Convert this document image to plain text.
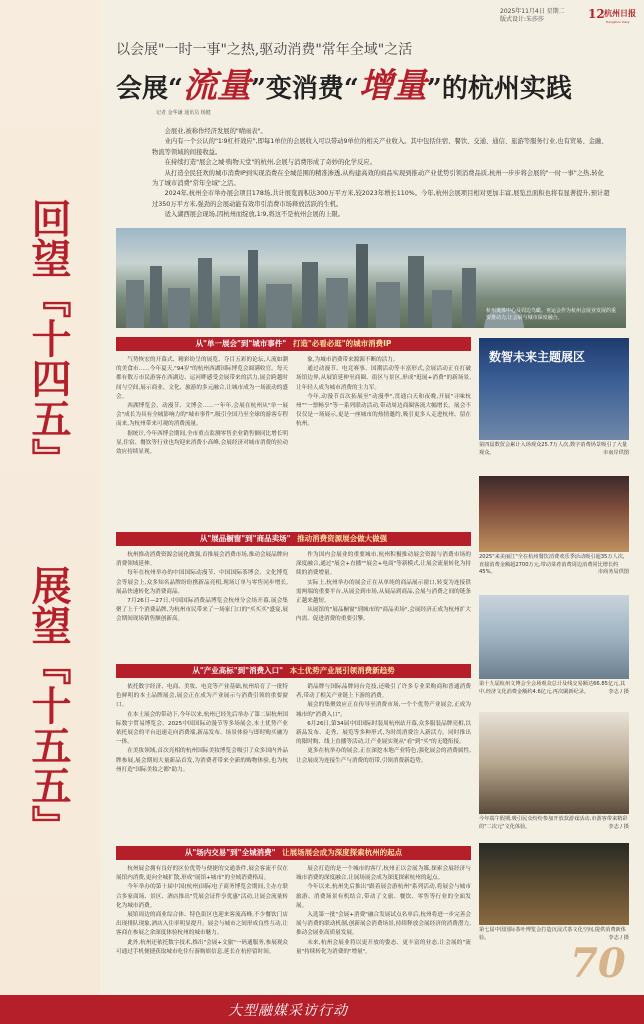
2025年11月4日 星期二
版式设计:朱莎莎	12 杭州日报
Hangzhou Daily
回望『十四五』 展望『十五五』
以会展"一时一事"之热,驱动消费"常年全域"之活
会展“流量”变消费“增量”的杭州实践
记者 金华谦 通讯员 杨健

会展业,被称作经济发展的"晴雨表"。

业内有一个公认的"1∶9杠杆效应",即每1单位的会展收入可以带动9单位的相关产业收入。其中包括住宿、餐饮、交通、通信、旅游等服务行业,也有贸易、金融、物流等领域的间接收益。

在持续打造"展会之城·购物天堂"的杭州,会展与消费形成了奇妙的化学反应。

从打造全民狂欢的城市消费IP到实现消费在全城范围的精准渗透,从构建高效的商品实现到推动产业优势引领消费品质,杭州一步步将会展的"一时一事"之热,转化为了城市消费"常年全域"之活。

2024年,杭州全市举办展会项目178场,共计展览面积达300万平方米,较2023年增长110%。今年,杭州会展项目相对更加丰富,展览总面积也将有显著提升,预计超过350万平方米,强劲的会展动能有效串引消费市场释放活跃的生机。

适入湖西展会现场,因杭州而绽放,1∶9,将这不是杭州会展的上限。

杭州奥体中心及周边鸟瞰。亚运会作为杭州会展业发展的重要推动力,让会展与城市深度融合。
从"单一展会"到"城市事件" 打造"必看必逛"的城市消费IP

气势恢宏的开幕式、精彩纷呈的展览、夺目五彩的论坛,人流如潮的美食市……今年夏天,"94岁"的杭州西湖国际博览会圆满收官。每天都有数万市民游客在西湖边、运河畔感受会展带来的活力,展会跨越时间与空间,展示商业、文化、旅游的多元融合,让城市成为一场流动的盛会。

西湖博览会、动漫节、文博会……一年年,会展在杭州从"单一展会"成长为具有全城影响力的"城市事件",吸引全国乃至全球的游客专程而来,为杭州带来可观的消费流量。

据统计,今年西博会期间,全市重点监测零售企业销售额同比增长明显,住宿、餐饮等行业也均迎来消费小高峰,会展经济对城市消费的拉动效应持续显现。

象,为城市消费带来源源不断的活力。

通过动漫节、电竞赛事、国潮活动等丰富形式,会展活动正在打破场馆边界,从展馆延伸至商圈、街区与景区,形成"逛展+消费"的新场景,让年轻人成为城市消费的主力军。

今年,动漫节首次拓展至"动漫季",贯通白天和夜晚,开展"寻味杭州""一票畅享"等一系列联动活动,带动周边商圈客流大幅增长。展会不仅仅是一场展示,更是一座城市的热情邀约,吸引更多人走进杭州、留在杭州。

从"展品橱窗"到"商品卖场" 推动消费资源展会做大做强

杭州推动消费资源会展化做强,首推展会消费市场,推动会展品牌向消费领域延伸。

每年在杭州举办的中国国际动漫节、中国国际茶博会、文化博览会等展会上,众多知名品牌纷纷携新品亮相,现场订单与零售同步增长,展品快速转化为消费商品。

7月26日—27日,中国国际消费品博览会杭州分会场开幕,展会集聚了上千个消费品牌,为杭州市民带来了一场家门口的"买买买"盛宴,展会期间现场销售额创新高。

作为国内会展业的重要城市,杭州积极推动展会资源与消费市场的深度融合,通过"展会+直播""展会+电商"等新模式,让展会流量转化为持续的消费增量。

实际上,杭州举办的展会正在从单纯的商品展示窗口,转变为连接供需两端的重要平台,从展会到市场,从展品到商品,会展与消费之间的链条正越来越短。

从展馆的"展品橱窗"到城市的"商品卖场",会展经济正成为杭州扩大内需、促进消费的重要引擎。

从"产业高标"到"消费入口" 本土优势产业展引领消费新趋势

依托数字经济、电商、美妆、电竞等产业基础,杭州培育了一批特色鲜明的本土品牌展会,展会正在成为产业展示与消费引领的重要窗口。

在本土展会的带动下,今年以来,杭州已经先后举办了第二届杭州国际数字贸易博览会、2025中国国际动漫节等多场展会,本土优势产业依托展会的平台迅速走向消费端,新品发布、场景体验与即时购买融为一体。

在美妆领域,首次亮相的杭州国际美妆博览会吸引了众多国内外品牌参展,展会期间大量新品首发,为消费者带来全新的购物体验,也为杭州打造"国际美妆之都"助力。

销品牌与国际品牌同台竞技,还吸引了许多专业采购商和普通消费者,带动了相关产业链上下游的消费。

展会的集聚效应正在传导至消费市场,一个个优势产业展会,正成为城市的"消费入口"。

6月26日,第34届中国国际时装周杭州站开幕,众多服装品牌亮相,以新品发布、走秀、展览等多种形式,为时尚消费注入新活力。同时推出的限时购、线上直播等活动,让产业展实现从"看"到"买"的无缝衔接。

更多在杭举办的展会,正在深挖本地产业特色,强化展会的消费属性,让会展成为连接生产与消费的纽带,引领消费新趋势。

从"场内交易"到"全城消费" 让展场展会成为深度探索杭州的起点

杭州展会拥有良好的区位优势与便捷的交通条件,展会客流不仅在展馆内消费,更向全城扩散,形成"展馆+城市"的全域消费格局。

今年举办的第十届中国(杭州)国际电子商务博览会期间,主办方联合多家商场、景区、酒店推出"凭展会证件享优惠"活动,让展会流量转化为城市消费。

展馆周边的商业综合体、特色街区也迎来客流高峰,不少餐饮门店出现排队现象,酒店入住率明显提升。展会与城市之间形成良性互动,让客商在参展之余深度体验杭州的城市魅力。

此外,杭州还依托数字技术,推出"会展+文旅"一码通服务,参展观众可通过手机便捷获取城市吃住行游购娱信息,延长在杭停留时间。

展会打造的是一个城市的客厅,杭州正以会展为媒,探索会展经济与城市消费的深度融合,让展场展会成为深度探索杭州的起点。

今年以来,杭州先后推出"跟着展会游杭州"系列活动,将展会与城市旅游、消费场景有机结合,带动了文旅、餐饮、零售等行业的全面发展。

入选第一批"会展+消费"融合发展试点名单后,杭州将进一步完善会展与消费的联动机制,创新展会消费场景,持续释放会展经济的消费潜力,推动会展业高质量发展。

未来,杭州会展业将以更开放的姿态、更丰富的业态,让会展的"流量"持续转化为消费的"增量"。

数智未来主题展区
第四届数贸会累计入场观众25.7万人次,数字消费场景吸引了大量观众。	市南岸供图
2025"来美丽江"全在杭州餐饮消费欢乐季活动吸引超35万人次,直接消费金额超2700万元,带动菜肴消费周边消费同比增长约45%。	市商务局供图
第十九届杭州文博会全会场观众总计及线交易额达66.85亿元,其中,经济文化消费金额约4.6亿元,再次刷新纪录。	李志 / 摄
今年端午假期,吸引民众纷纷参加开放款游戏活动,市游客带来精彩的"二次元"文化体验。	李志 / 摄
第七届中国国际茶叶博览会打造沉浸式茶文化空间,提供消费新体验。	李志 / 摄
70
大型融媒采访行动
